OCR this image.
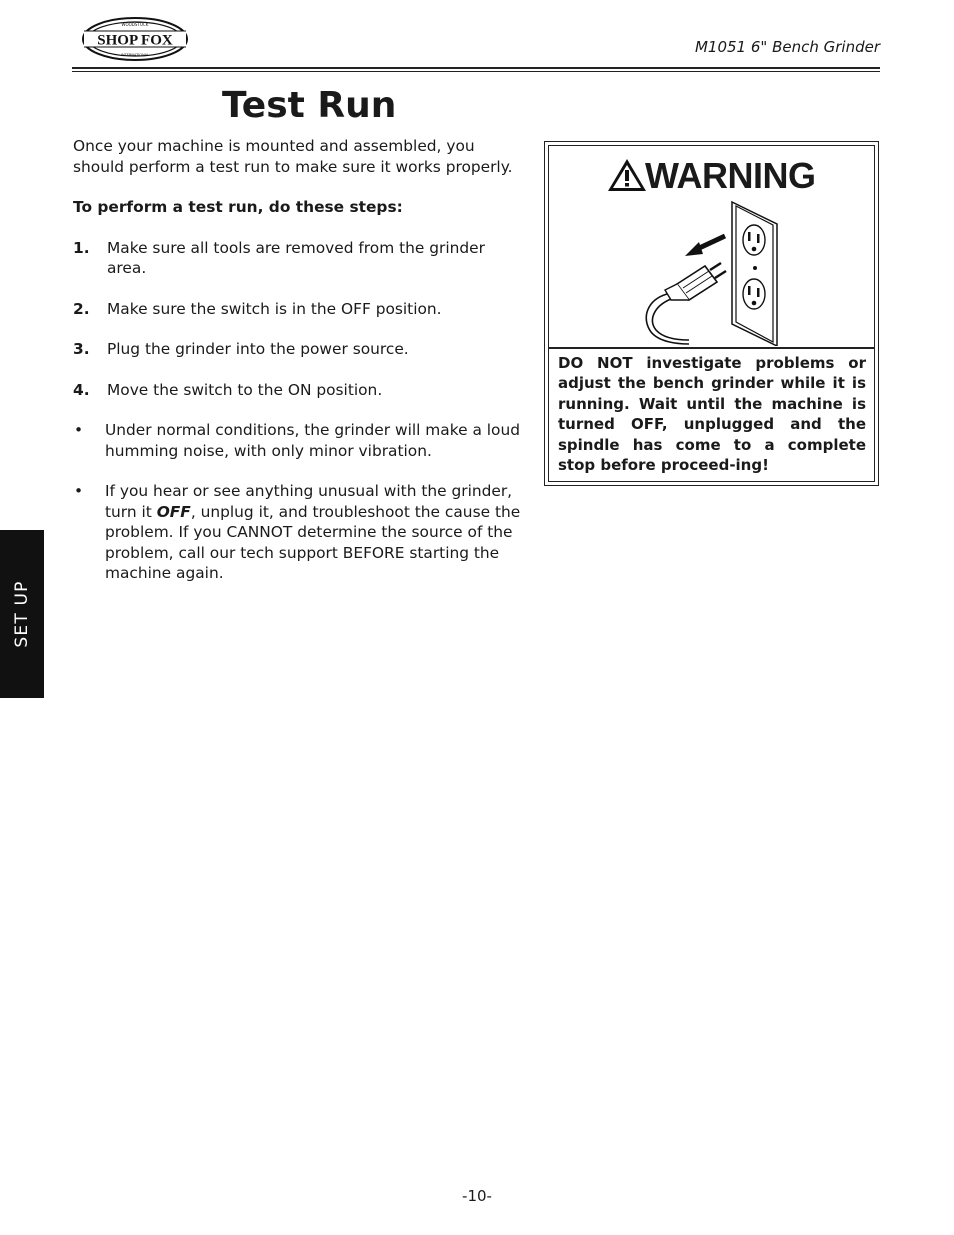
SHOP FOX
WOODSTOCK
INTERNATIONAL	M1051 6" Bench Grinder
Test Run

Once your machine is mounted and assembled, you should perform a test run to make sure it works properly.

To perform a test run, do these steps:

1.	Make sure all tools are removed from the grinder area.
2.	Make sure the switch is in the OFF position.
3.	Plug the grinder into the power source.
4.	Move the switch to the ON position.
•	Under normal conditions, the grinder will make a loud humming noise, with only minor vibration.
•	If you hear or see anything unusual with the grinder, turn it OFF, unplug it, and troubleshoot the cause the problem. If you CANNOT determine the source of the problem, call our tech support BEFORE starting the machine again.
WARNING
DO NOT investigate problems or adjust the bench grinder while it is running. Wait until the machine is turned OFF, unplugged and the spindle has come to a complete stop before proceed-ing!
SET UP
-10-
